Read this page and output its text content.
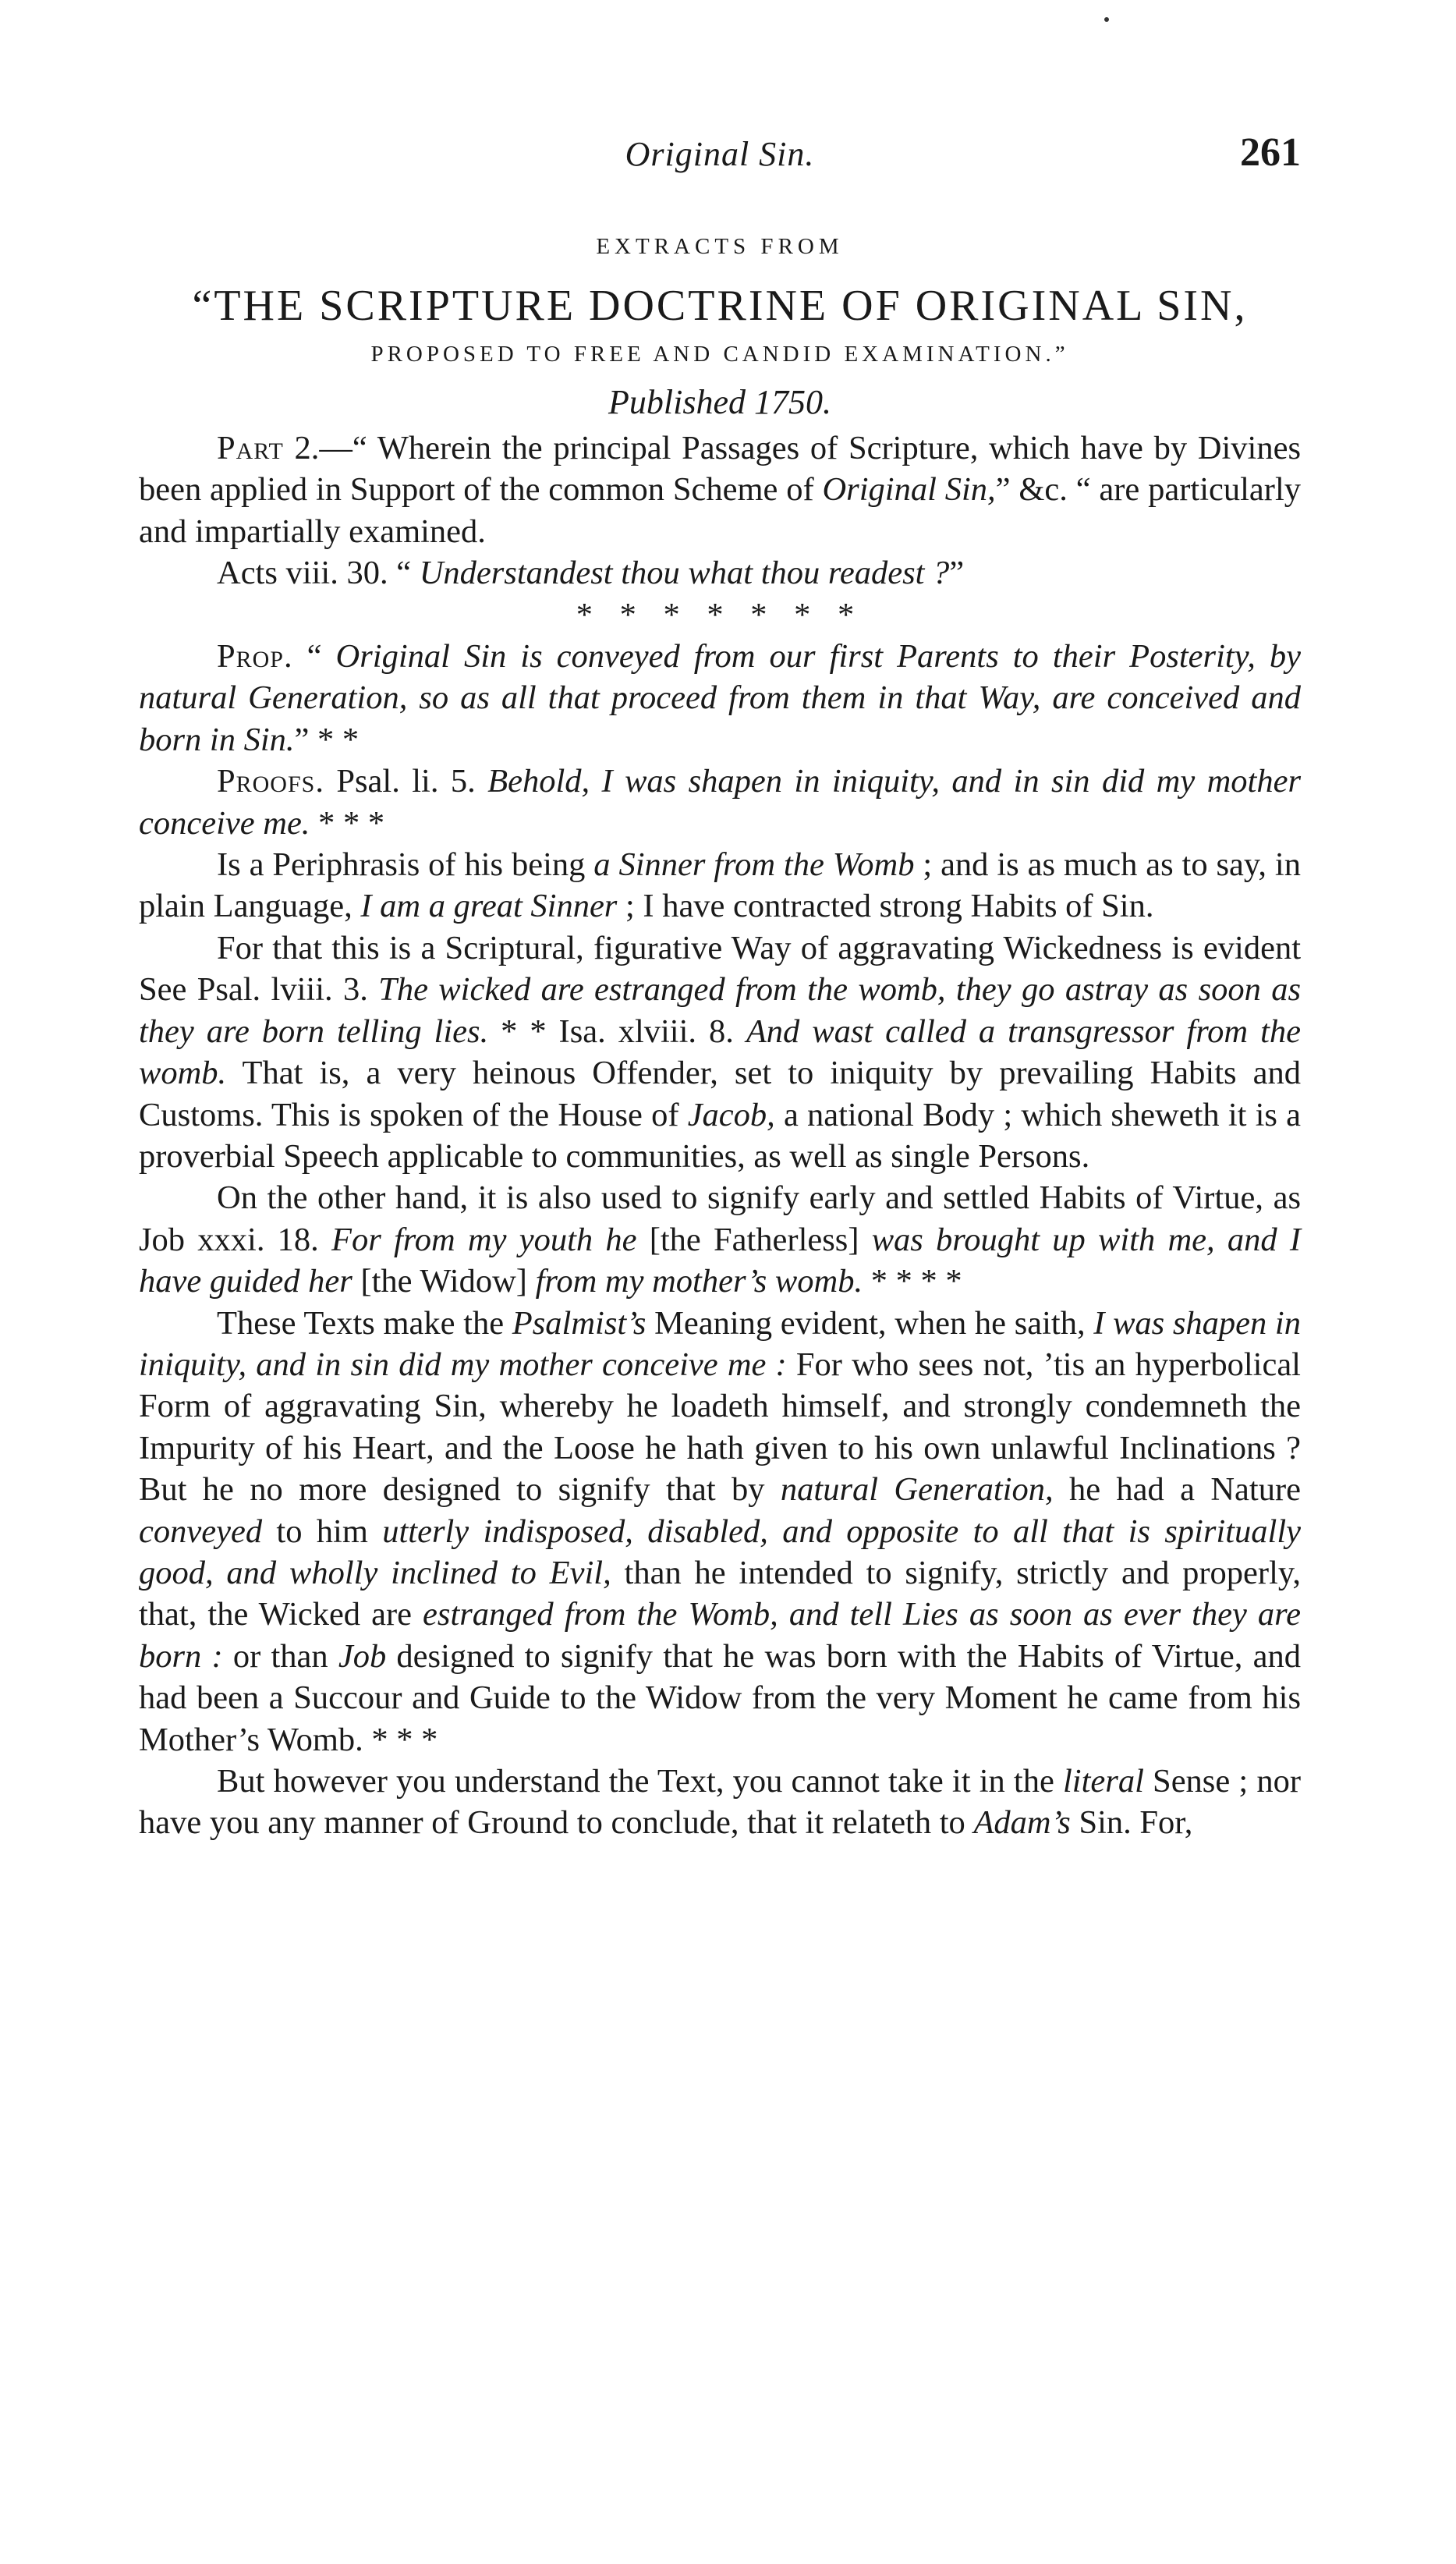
Original Sin.	261

EXTRACTS FROM

“THE SCRIPTURE DOCTRINE OF ORIGINAL SIN,

PROPOSED TO FREE AND CANDID EXAMINATION.”

Published 1750.

Part 2.—“ Wherein the principal Passages of Scripture, which have by Divines been applied in Support of the common Scheme of Original Sin,” &c. “ are particularly and impartially examined.

Acts viii. 30. “ Understandest thou what thou readest ?”

* * * * * * *

Prop. “ Original Sin is conveyed from our first Parents to their Posterity, by natural Generation, so as all that proceed from them in that Way, are conceived and born in Sin.” * *

Proofs. Psal. li. 5. Behold, I was shapen in iniquity, and in sin did my mother conceive me. * * *

Is a Periphrasis of his being a Sinner from the Womb ; and is as much as to say, in plain Language, I am a great Sinner ; I have contracted strong Habits of Sin.

For that this is a Scriptural, figurative Way of aggravating Wickedness is evident See Psal. lviii. 3. The wicked are estranged from the womb, they go astray as soon as they are born telling lies. * * Isa. xlviii. 8. And wast called a transgressor from the womb. That is, a very heinous Offender, set to iniquity by prevailing Habits and Customs. This is spoken of the House of Jacob, a national Body ; which sheweth it is a proverbial Speech applicable to communities, as well as single Persons.

On the other hand, it is also used to signify early and settled Habits of Virtue, as Job xxxi. 18. For from my youth he [the Fatherless] was brought up with me, and I have guided her [the Widow] from my mother’s womb. * * * *

These Texts make the Psalmist’s Meaning evident, when he saith, I was shapen in iniquity, and in sin did my mother conceive me : For who sees not, ’tis an hyperbolical Form of aggravating Sin, whereby he loadeth himself, and strongly condemneth the Impurity of his Heart, and the Loose he hath given to his own unlawful Inclinations ? But he no more designed to signify that by natural Generation, he had a Nature conveyed to him utterly indisposed, disabled, and opposite to all that is spiritually good, and wholly inclined to Evil, than he intended to signify, strictly and properly, that, the Wicked are estranged from the Womb, and tell Lies as soon as ever they are born : or than Job designed to signify that he was born with the Habits of Virtue, and had been a Succour and Guide to the Widow from the very Moment he came from his Mother’s Womb. * * *

But however you understand the Text, you cannot take it in the literal Sense ; nor have you any manner of Ground to conclude, that it relateth to Adam’s Sin. For,
